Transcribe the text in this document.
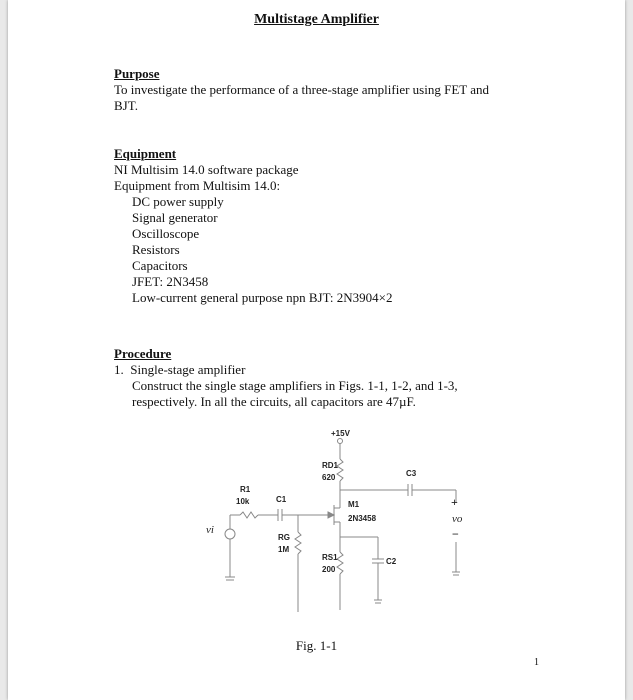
Multistage Amplifier
Purpose
To investigate the performance of a three-stage amplifier using FET and
BJT.
Equipment
NI Multisim 14.0 software package
Equipment from Multisim 14.0:
DC power supply
Signal generator
Oscilloscope
Resistors
Capacitors
JFET: 2N3458
Low-current general purpose npn BJT: 2N3904×2
Procedure
1.  Single-stage amplifier
Construct the single stage amplifiers in Figs. 1-1, 1-2, and 1-3,
respectively. In all the circuits, all capacitors are 47µF.
+15V
RD1
620	C3
R1
10k	C1
M1
2N3458
RG
1M
RS1
200
C2
vi
+
vo
−
Fig. 1-1
1
